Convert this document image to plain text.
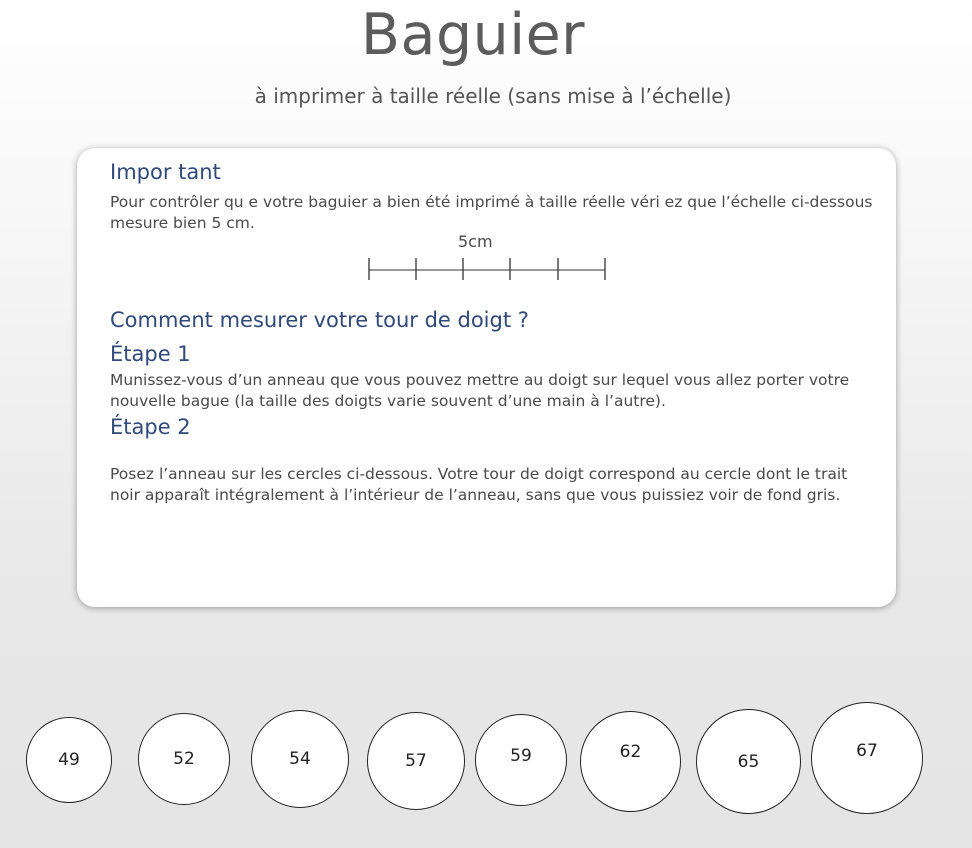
Baguier
à imprimer à taille réelle (sans mise à l’échelle)
Impor tant
Pour contrôler qu e votre baguier a bien été imprimé à taille réelle véri ez que l’échelle ci-dessous mesure bien 5 cm.
5cm
Comment mesurer votre tour de doigt ?
Étape 1
Munissez-vous d’un anneau que vous pouvez mettre au doigt sur lequel vous allez porter votre nouvelle bague (la taille des doigts varie souvent d’une main à l’autre).
Étape 2
Posez l’anneau sur les cercles ci-dessous. Votre tour de doigt correspond au cercle dont le trait noir apparaît intégralement à l’intérieur de l’anneau, sans que vous puissiez voir de fond gris.
49	52	54	57	59	62	65
67
